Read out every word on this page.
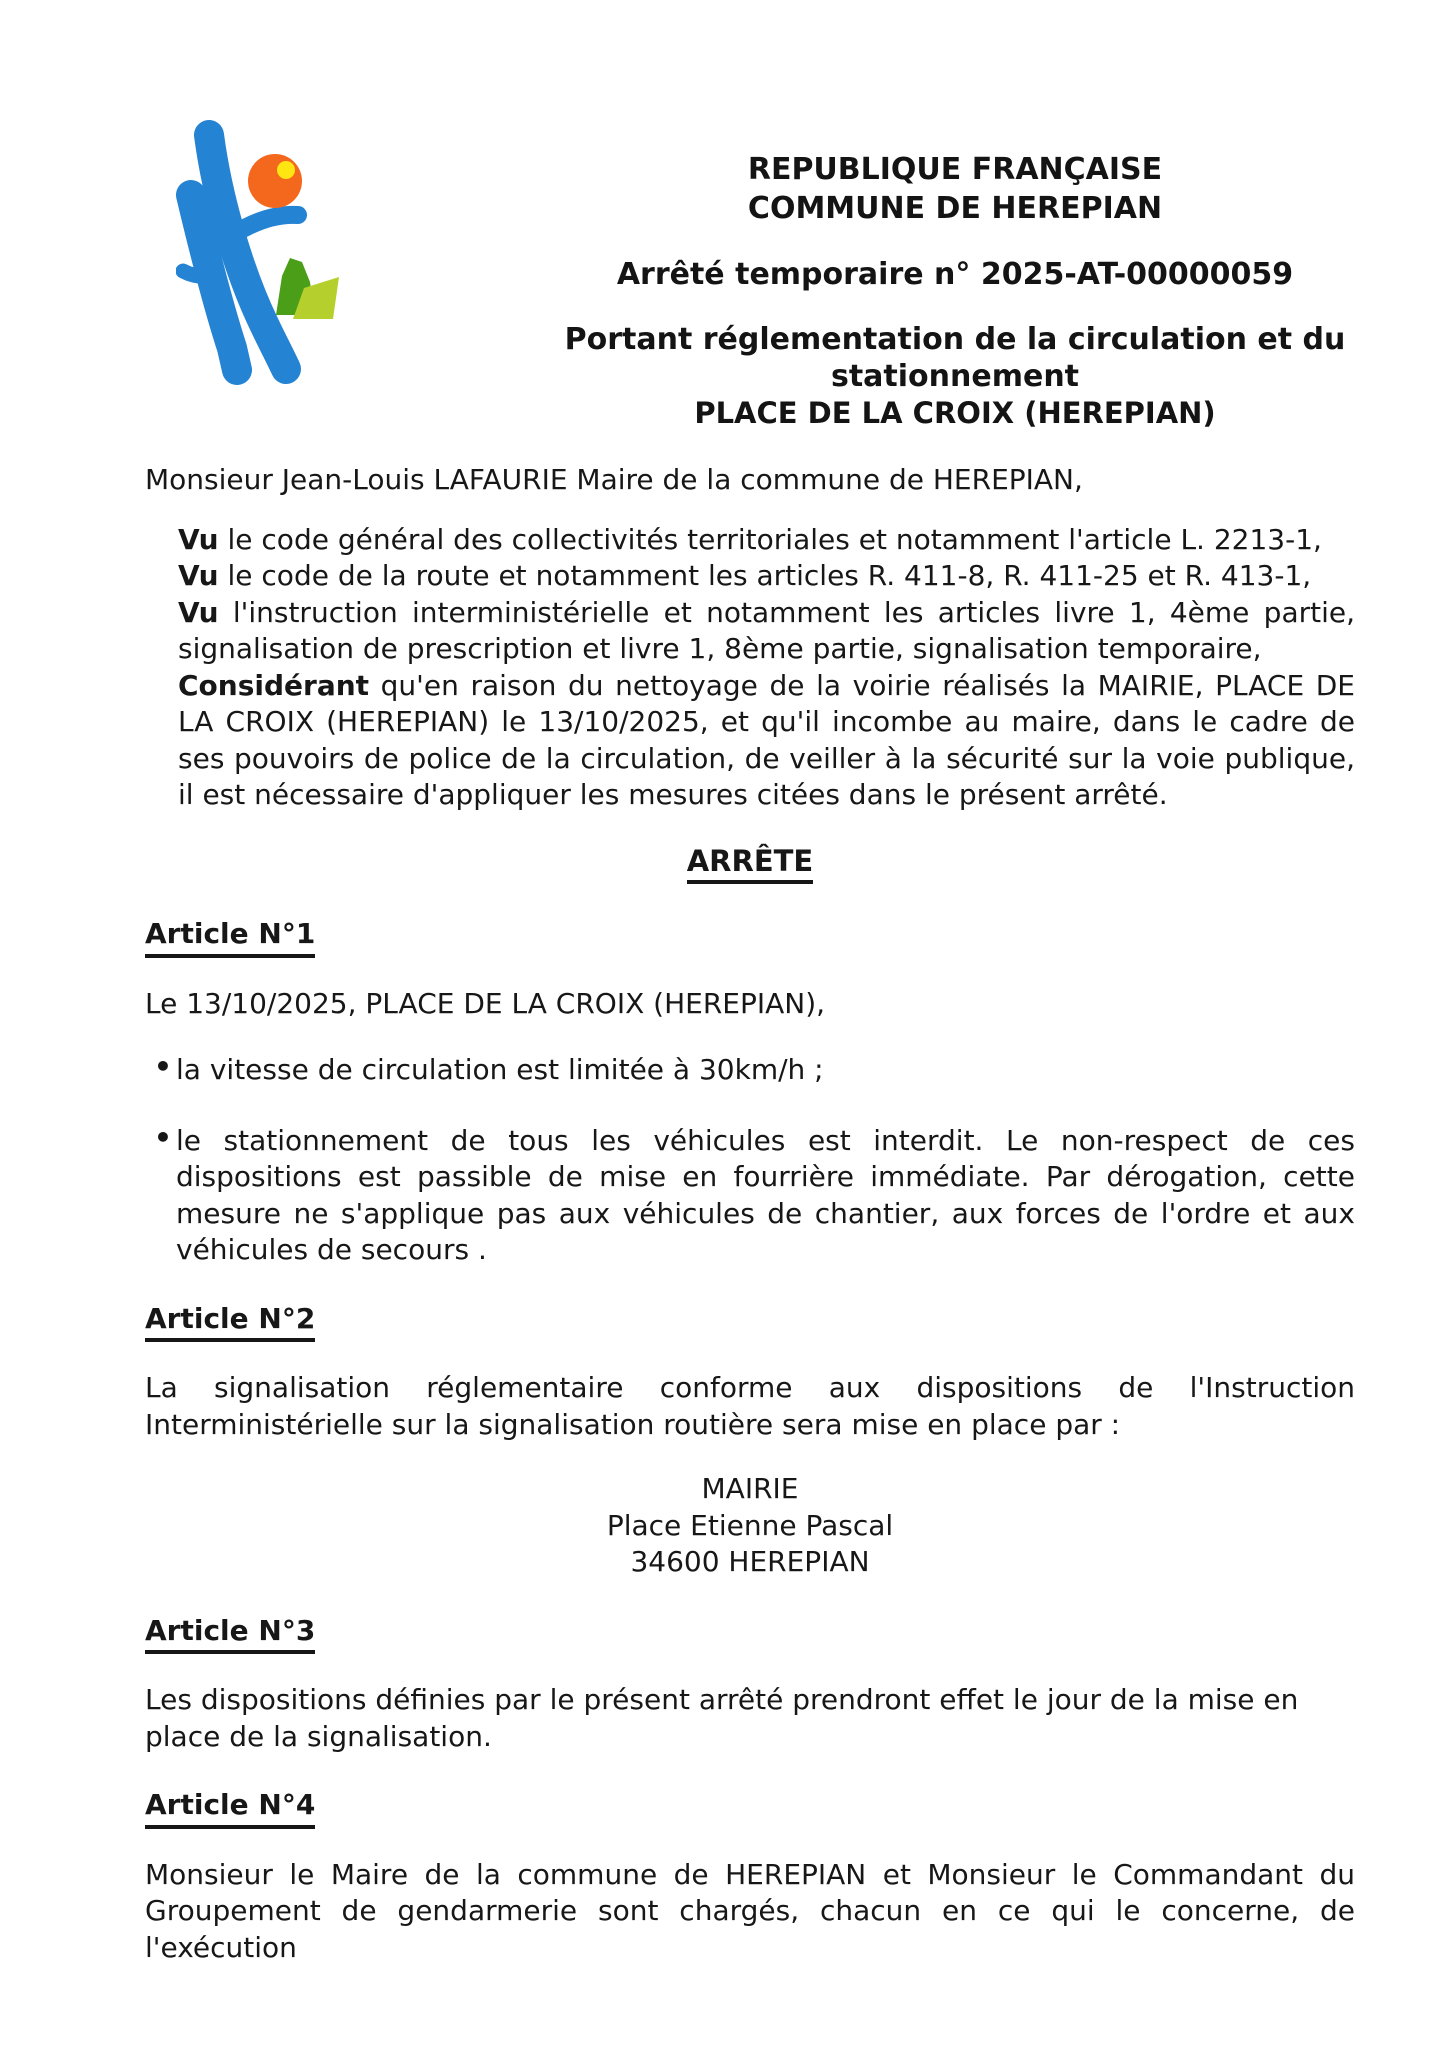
REPUBLIQUE FRANÇAISE
COMMUNE DE HEREPIAN
Arrêté temporaire n° 2025-AT-00000059
Portant réglementation de la circulation et du stationnement
PLACE DE LA CROIX (HEREPIAN)

Monsieur Jean-Louis LAFAURIE Maire de la commune de HEREPIAN,

Vu le code général des collectivités territoriales et notamment l'article L. 2213-1,

Vu le code de la route et notamment les articles R. 411-8, R. 411-25 et R. 413-1,

Vu l'instruction interministérielle et notamment les articles livre 1, 4ème partie, signalisation de prescription et livre 1, 8ème partie, signalisation temporaire,

Considérant qu'en raison du nettoyage de la voirie réalisés la MAIRIE, PLACE DE LA CROIX (HEREPIAN) le 13/10/2025, et qu'il incombe au maire, dans le cadre de ses pouvoirs de police de la circulation, de veiller à la sécurité sur la voie publique, il est nécessaire d'appliquer les mesures citées dans le présent arrêté.

ARRÊTE
Article N°1

Le 13/10/2025, PLACE DE LA CROIX (HEREPIAN),

• la vitesse de circulation est limitée à 30km/h ;
• le stationnement de tous les véhicules est interdit. Le non-respect de ces dispositions est passible de mise en fourrière immédiate. Par dérogation, cette mesure ne s'applique pas aux véhicules de chantier, aux forces de l'ordre et aux véhicules de secours .
Article N°2

La signalisation réglementaire conforme aux dispositions de l'Instruction Interministérielle sur la signalisation routière sera mise en place par :

MAIRIE
Place Etienne Pascal
34600 HEREPIAN
Article N°3

Les dispositions définies par le présent arrêté prendront effet le jour de la mise en place de la signalisation.

Article N°4

Monsieur le Maire de la commune de HEREPIAN et Monsieur le Commandant du Groupement de gendarmerie sont chargés, chacun en ce qui le concerne, de l'exécution
